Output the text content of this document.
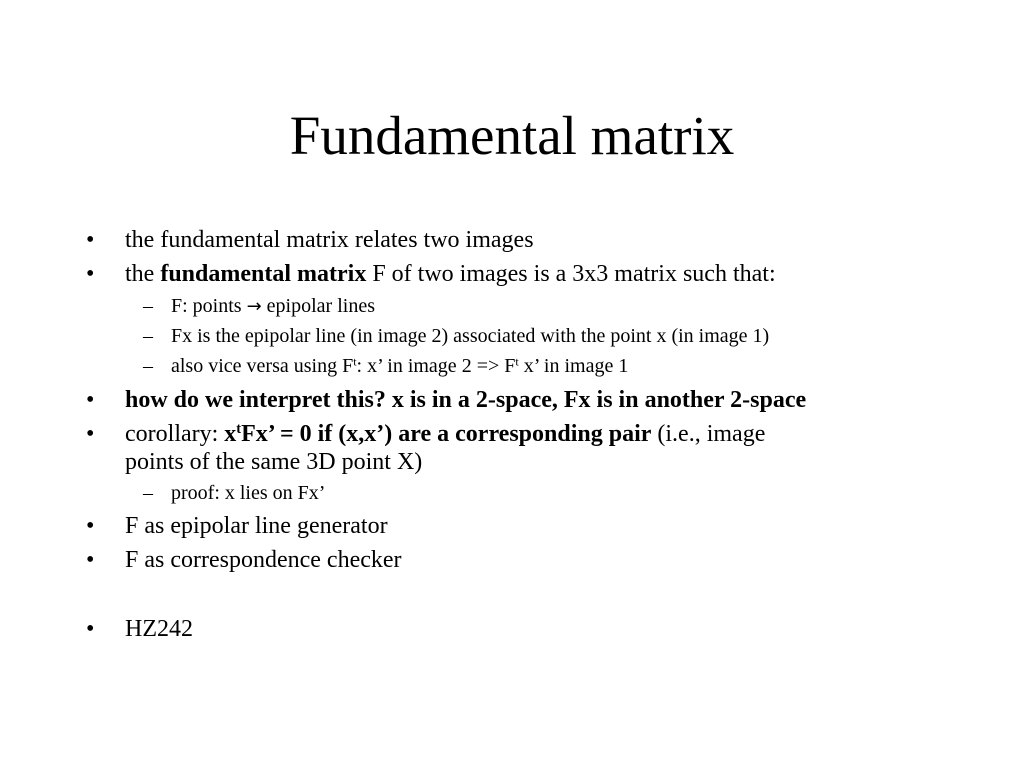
Fundamental matrix
• the fundamental matrix relates two images
• the fundamental matrix F of two images is a 3x3 matrix such that:
– F: points → epipolar lines
– Fx is the epipolar line (in image 2) associated with the point x (in image 1)
– also vice versa using $F^t$: x’ in image $2 => F^t$ x’ in image 1
• how do we interpret this? x is in a 2-space, Fx is in another 2-space
• corollary: $x^tFx$’ = 0 if (x,x’) are a corresponding pair (i.e., image
points of the same 3D point X)
– proof: x lies on Fx’
• F as epipolar line generator
• F as correspondence checker
• HZ242
